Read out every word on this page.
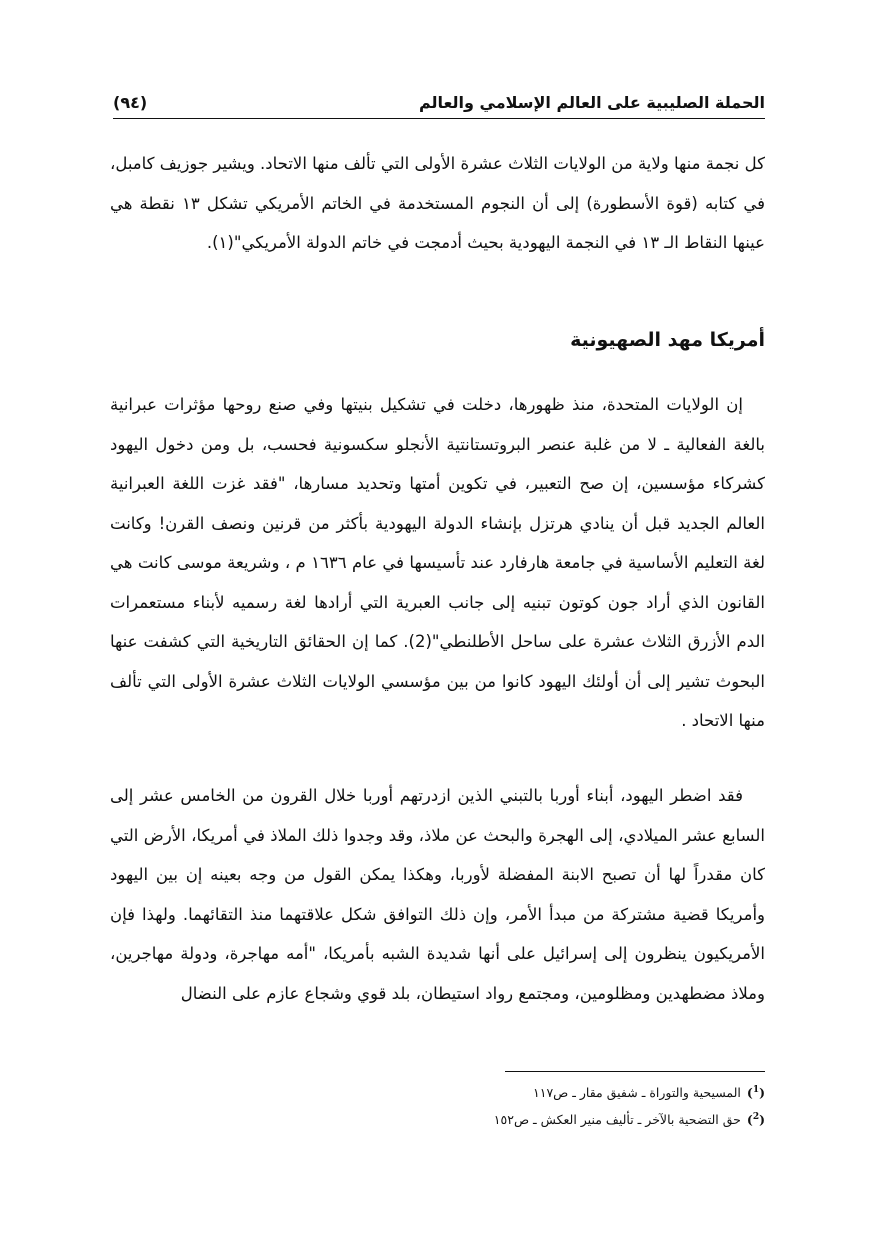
الحملة الصليبية على العالم الإسلامي والعالم
(٩٤)

كل نجمة منها ولاية من الولايات الثلاث عشرة الأولى التي تألف منها الاتحاد. ويشير جوزيف كامبل، في كتابه (قوة الأسطورة) إلى أن النجوم المستخدمة في الخاتم الأمريكي تشكل ١٣ نقطة هي عينها النقاط الـ ١٣ في النجمة اليهودية بحيث أدمجت في خاتم الدولة الأمريكي"(١).

أمريكا مهد الصهيونية

إن الولايات المتحدة، منذ ظهورها، دخلت في تشكيل بنيتها وفي صنع روحها مؤثرات عبرانية بالغة الفعالية ـ لا من غلبة عنصر البروتستانتية الأنجلو سكسونية فحسب، بل ومن دخول اليهود كشركاء مؤسسين، إن صح التعبير، في تكوين أمتها وتحديد مسارها، "فقد غزت اللغة العبرانية العالم الجديد قبل أن ينادي هرتزل بإنشاء الدولة اليهودية بأكثر من قرنين ونصف القرن! وكانت لغة التعليم الأساسية في جامعة هارفارد عند تأسيسها في عام ١٦٣٦ م ، وشريعة موسى كانت هي القانون الذي أراد جون كوتون تبنيه إلى جانب العبرية التي أرادها لغة رسميه لأبناء مستعمرات الدم الأزرق الثلاث عشرة على ساحل الأطلنطي"(2). كما إن الحقائق التاريخية التي كشفت عنها البحوث تشير إلى أن أولئك اليهود كانوا من بين مؤسسي الولايات الثلاث عشرة الأولى التي تألف منها الاتحاد .

فقد اضطر اليهود، أبناء أوربا بالتبني الذين ازدرتهم أوربا خلال القرون من الخامس عشر إلى السابع عشر الميلادي، إلى الهجرة والبحث عن ملاذ، وقد وجدوا ذلك الملاذ في أمريكا، الأرض التي كان مقدراً لها أن تصبح الابنة المفضلة لأوربا، وهكذا يمكن القول من وجه بعينه إن بين اليهود وأمريكا قضية مشتركة من مبدأ الأمر، وإن ذلك التوافق شكل علاقتهما منذ التقائهما. ولهذا فإن الأمريكيون ينظرون إلى إسرائيل على أنها شديدة الشبه بأمريكا، "أمه مهاجرة، ودولة مهاجرين، وملاذ مضطهدين ومظلومين، ومجتمع رواد استيطان، بلد قوي وشجاع عازم على النضال

($^1$)المسيحية والتوراة ـ شفيق مقار ـ ص١١٧
($^2$)حق التضحية بالآخر ـ تأليف منير العكش ـ ص١٥٢
